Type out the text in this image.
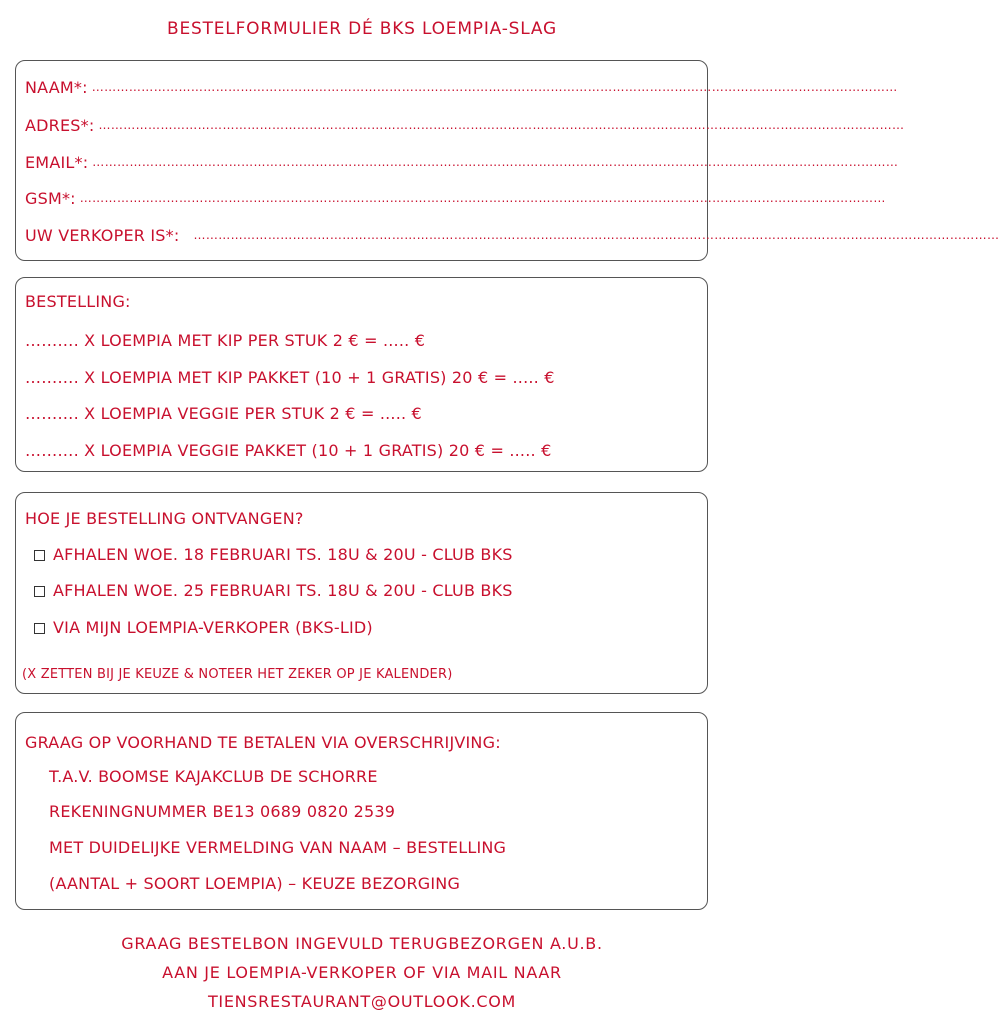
BESTELFORMULIER DÉ BKS LOEMPIA-SLAG
NAAM*: ……………………………………………………………………………………………………………………………………………………………………………
ADRES*: ……………………………………………………………………………………………………………………………………………………………………………
EMAIL*: ……………………………………………………………………………………………………………………………………………………………………………
GSM*: ……………………………………………………………………………………………………………………………………………………………………………
UW VERKOPER IS*: ……………………………………………………………………………………………………………………………………………………………………………
BESTELLING:
………. X LOEMPIA MET KIP PER STUK 2 € = ..... €
………. X LOEMPIA MET KIP PAKKET (10 + 1 GRATIS) 20 € = ..... €
………. X LOEMPIA VEGGIE PER STUK 2 € = ..... €
………. X LOEMPIA VEGGIE PAKKET (10 + 1 GRATIS) 20 € = ..... €
HOE JE BESTELLING ONTVANGEN?
AFHALEN WOE. 18 FEBRUARI TS. 18U & 20U - CLUB BKS
AFHALEN WOE. 25 FEBRUARI TS. 18U & 20U - CLUB BKS
VIA MIJN LOEMPIA-VERKOPER (BKS-LID)
(X ZETTEN BIJ JE KEUZE & NOTEER HET ZEKER OP JE KALENDER)
GRAAG OP VOORHAND TE BETALEN VIA OVERSCHRIJVING:
T.A.V. BOOMSE KAJAKCLUB DE SCHORRE
REKENINGNUMMER BE13 0689 0820 2539
MET DUIDELIJKE VERMELDING VAN NAAM – BESTELLING
(AANTAL + SOORT LOEMPIA) – KEUZE BEZORGING
GRAAG BESTELBON INGEVULD TERUGBEZORGEN A.U.B.
AAN JE LOEMPIA-VERKOPER OF VIA MAIL NAAR
TIENSRESTAURANT@OUTLOOK.COM
